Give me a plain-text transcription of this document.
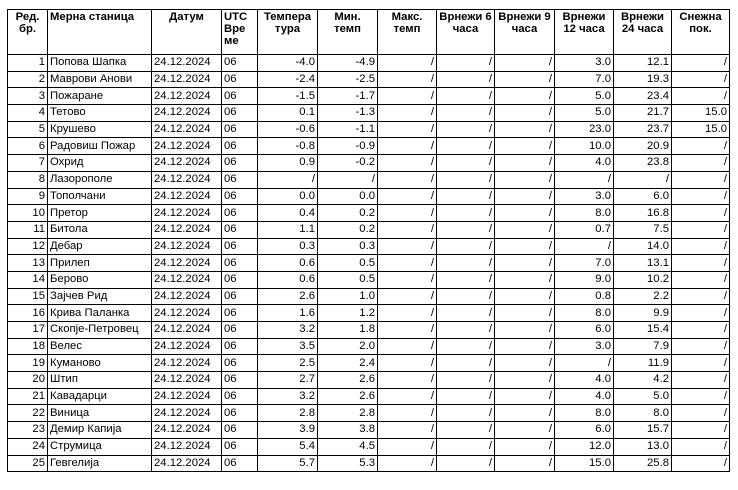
Ред. бр.	Мерна станица	Датум	UTC Вре ме	Темпера тура	Мин. темп	Макс. темп	Врнежи 6 часа	Врнежи 9 часа	Врнежи 12 часа	Врнежи 24 часа	Снежна пок.
1	Попова Шапка	24.12.2024	06	-4.0	-4.9	/	/	/	3.0	12.1	/
2	Маврови Анови	24.12.2024	06	-2.4	-2.5	/	/	/	7.0	19.3	/
3	Пожаране	24.12.2024	06	-1.5	-1.7	/	/	/	5.0	23.4	/
4	Тетово	24.12.2024	06	0.1	-1.3	/	/	/	5.0	21.7	15.0
5	Крушево	24.12.2024	06	-0.6	-1.1	/	/	/	23.0	23.7	15.0
6	Радовиш Пожар	24.12.2024	06	-0.8	-0.9	/	/	/	10.0	20.9	/
7	Охрид	24.12.2024	06	0.9	-0.2	/	/	/	4.0	23.8	/
8	Лазорополе	24.12.2024	06	/	/	/	/	/	/	/	/
9	Тополчани	24.12.2024	06	0.0	0.0	/	/	/	3.0	6.0	/
10	Претор	24.12.2024	06	0.4	0.2	/	/	/	8.0	16.8	/
11	Битола	24.12.2024	06	1.1	0.2	/	/	/	0.7	7.5	/
12	Дебар	24.12.2024	06	0.3	0.3	/	/	/	/	14.0	/
13	Прилеп	24.12.2024	06	0.6	0.5	/	/	/	7.0	13.1	/
14	Берово	24.12.2024	06	0.6	0.5	/	/	/	9.0	10.2	/
15	Зајчев Рид	24.12.2024	06	2.6	1.0	/	/	/	0.8	2.2	/
16	Крива Паланка	24.12.2024	06	1.6	1.2	/	/	/	8.0	9.9	/
17	Скопје-Петровец	24.12.2024	06	3.2	1.8	/	/	/	6.0	15.4	/
18	Велес	24.12.2024	06	3.5	2.0	/	/	/	3.0	7.9	/
19	Куманово	24.12.2024	06	2.5	2.4	/	/	/	/	11.9	/
20	Штип	24.12.2024	06	2.7	2.6	/	/	/	4.0	4.2	/
21	Кавадарци	24.12.2024	06	3.2	2.6	/	/	/	4.0	5.0	/
22	Виница	24.12.2024	06	2.8	2.8	/	/	/	8.0	8.0	/
23	Демир Капија	24.12.2024	06	3.9	3.8	/	/	/	6.0	15.7	/
24	Струмица	24.12.2024	06	5.4	4.5	/	/	/	12.0	13.0	/
25	Гевгелија	24.12.2024	06	5.7	5.3	/	/	/	15.0	25.8	/
